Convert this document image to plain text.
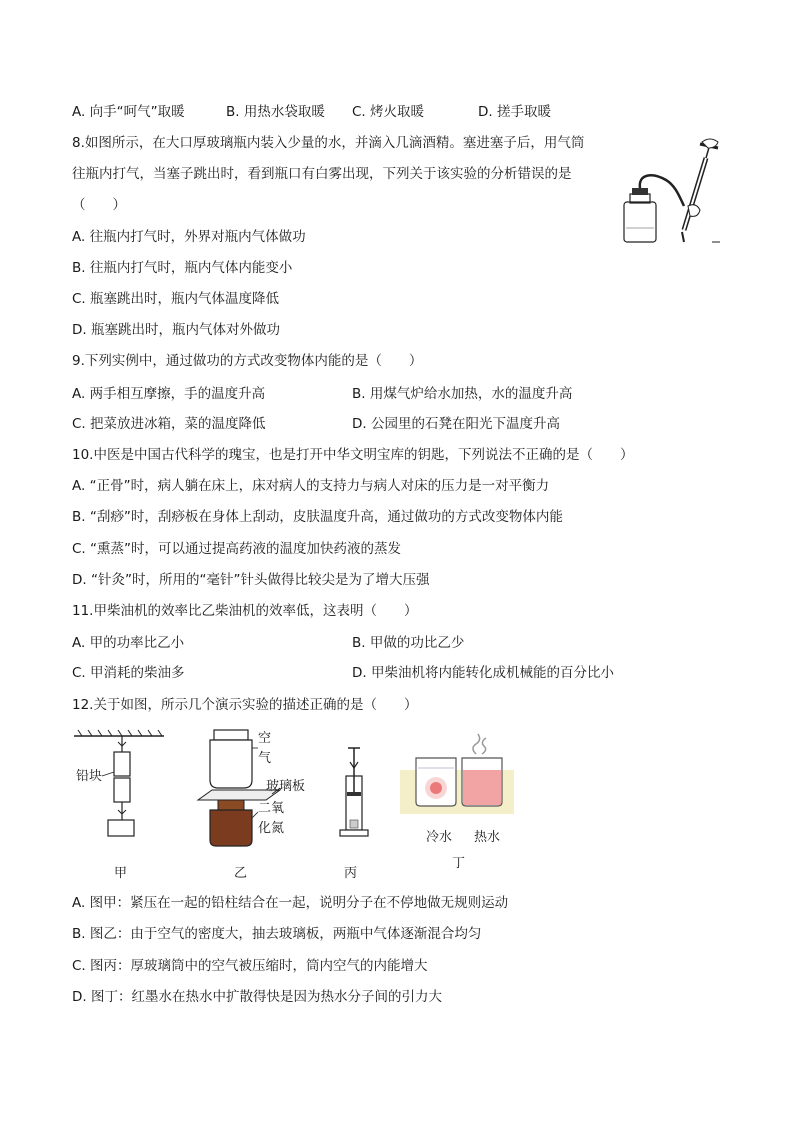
A. 向手“呵气”取暖	B. 用热水袋取暖 C. 烤火取暖	D. 搓手取暖
8.如图所示，在大口厚玻璃瓶内装入少量的水，并滴入几滴酒精。塞进塞子后，用气筒
往瓶内打气，当塞子跳出时，看到瓶口有白雾出现，下列关于该实验的分析错误的是
（　　）
A. 往瓶内打气时，外界对瓶内气体做功
B. 往瓶内打气时，瓶内气体内能变小
C. 瓶塞跳出时，瓶内气体温度降低
D. 瓶塞跳出时，瓶内气体对外做功
9.下列实例中，通过做功的方式改变物体内能的是（　　）
A. 两手相互摩擦，手的温度升高	B. 用煤气炉给水加热，水的温度升高
C. 把菜放进冰箱，菜的温度降低	D. 公园里的石凳在阳光下温度升高
10.中医是中国古代科学的瑰宝，也是打开中华文明宝库的钥匙，下列说法不正确的是（　　）
A. “正骨”时，病人躺在床上，床对病人的支持力与病人对床的压力是一对平衡力
B. “刮痧”时，刮痧板在身体上刮动，皮肤温度升高，通过做功的方式改变物体内能
C. “熏蒸”时，可以通过提高药液的温度加快药液的蒸发
D. “针灸”时，所用的“毫针”针头做得比较尖是为了增大压强
11.甲柴油机的效率比乙柴油机的效率低，这表明（　　）
A. 甲的功率比乙小	B. 甲做的功比乙少
C. 甲消耗的柴油多	D. 甲柴油机将内能转化成机械能的百分比小
12.关于如图，所示几个演示实验的描述正确的是（　　）
铅块
甲
空
气
玻璃板
二氧
化氮
乙	丙
冷水 热水
丁
A. 图甲：紧压在一起的铅柱结合在一起，说明分子在不停地做无规则运动
B. 图乙：由于空气的密度大，抽去玻璃板，两瓶中气体逐渐混合均匀
C. 图丙：厚玻璃筒中的空气被压缩时，筒内空气的内能增大
D. 图丁：红墨水在热水中扩散得快是因为热水分子间的引力大
